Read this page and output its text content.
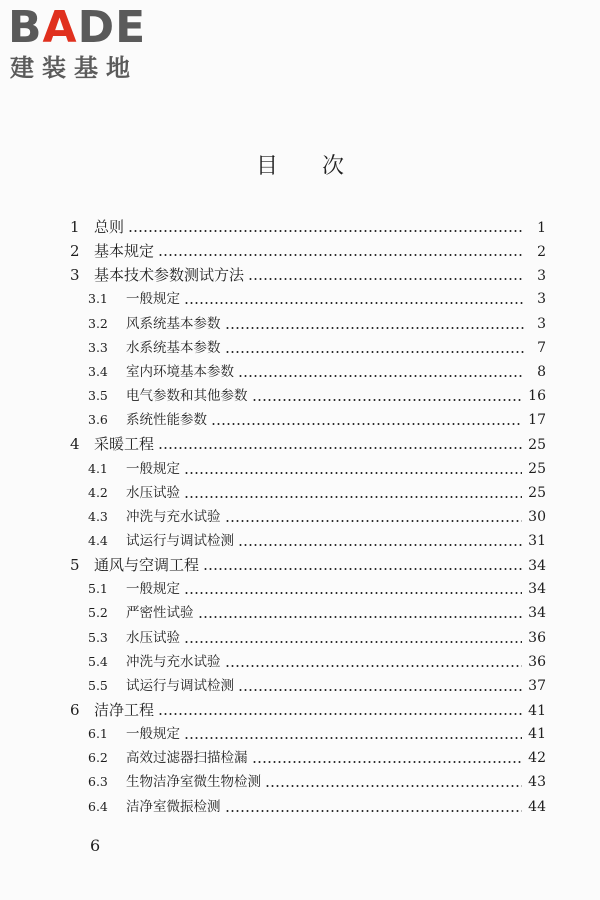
BADE
建装基地
目次
1 总则	1
2 基本规定	2
3 基本技术参数测试方法	3
3.1	一般规定	3
3.2	风系统基本参数	3
3.3	水系统基本参数	7
3.4	室内环境基本参数	8
3.5	电气参数和其他参数	16
3.6	系统性能参数	17
4 采暖工程	25
4.1	一般规定	25
4.2	水压试验	25
4.3	冲洗与充水试验	30
4.4	试运行与调试检测	31
5 通风与空调工程	34
5.1	一般规定	34
5.2	严密性试验	34
5.3	水压试验	36
5.4	冲洗与充水试验	36
5.5	试运行与调试检测	37
6 洁净工程	41
6.1	一般规定	41
6.2	高效过滤器扫描检漏	42
6.3	生物洁净室微生物检测	43
6.4	洁净室微振检测	44
6
